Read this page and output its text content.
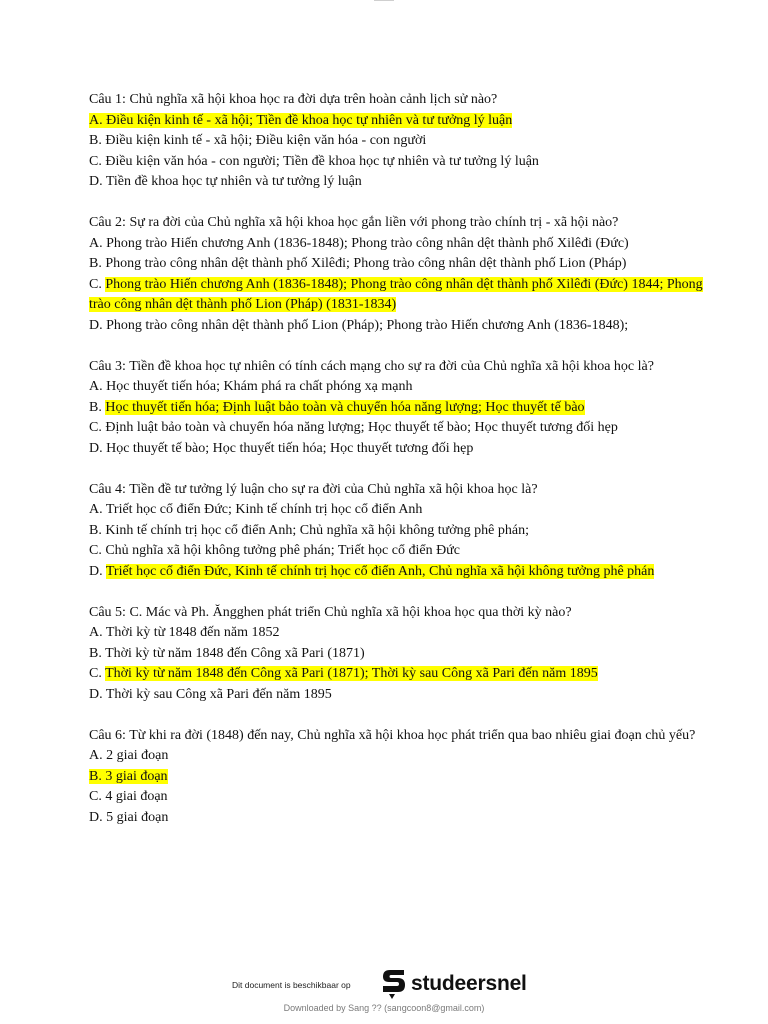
Câu 1: Chủ nghĩa xã hội khoa học ra đời dựa trên hoàn cảnh lịch sử nào?
A. Điều kiện kinh tế - xã hội; Tiền đề khoa học tự nhiên và tư tưởng lý luận
B. Điều kiện kinh tế - xã hội; Điều kiện văn hóa - con người
C. Điều kiện văn hóa - con người; Tiền đề khoa học tự nhiên và tư tưởng lý luận
D. Tiền đề khoa học tự nhiên và tư tưởng lý luận
Câu 2: Sự ra đời của Chủ nghĩa xã hội khoa học gắn liền với phong trào chính trị - xã hội nào?
A. Phong trào Hiến chương Anh (1836-1848); Phong trào công nhân dệt thành phố Xilêđi (Đức)
B. Phong trào công nhân dệt thành phố Xilêđi; Phong trào công nhân dệt thành phố Lion (Pháp)
C. Phong trào Hiến chương Anh (1836-1848); Phong trào công nhân dệt thành phố Xilêđi (Đức) 1844; Phong trào công nhân dệt thành phố Lion (Pháp) (1831-1834)
D. Phong trào công nhân dệt thành phố Lion (Pháp); Phong trào Hiến chương Anh (1836-1848);
Câu 3: Tiền đề khoa học tự nhiên có tính cách mạng cho sự ra đời của Chủ nghĩa xã hội khoa học là?
A. Học thuyết tiến hóa; Khám phá ra chất phóng xạ mạnh
B. Học thuyết tiến hóa; Định luật bảo toàn và chuyển hóa năng lượng; Học thuyết tế bào
C. Định luật bảo toàn và chuyển hóa năng lượng; Học thuyết tế bào; Học thuyết tương đối hẹp
D. Học thuyết tế bào; Học thuyết tiến hóa; Học thuyết tương đối hẹp
Câu 4: Tiền đề tư tưởng lý luận cho sự ra đời của Chủ nghĩa xã hội khoa học là?
A. Triết học cổ điển Đức; Kinh tế chính trị học cổ điển Anh
B. Kinh tế chính trị học cổ điển Anh; Chủ nghĩa xã hội không tưởng phê phán;
C. Chủ nghĩa xã hội không tưởng phê phán; Triết học cổ điển Đức
D. Triết học cổ điển Đức, Kinh tế chính trị học cổ điển Anh, Chủ nghĩa xã hội không tưởng phê phán
Câu 5: C. Mác và Ph. Ăngghen phát triển Chủ nghĩa xã hội khoa học qua thời kỳ nào?
A. Thời kỳ từ 1848 đến năm 1852
B. Thời kỳ từ năm 1848 đến Công xã Pari (1871)
C. Thời kỳ từ năm 1848 đến Công xã Pari (1871); Thời kỳ sau Công xã Pari đến năm 1895
D. Thời kỳ sau Công xã Pari đến năm 1895
Câu 6: Từ khi ra đời (1848) đến nay, Chủ nghĩa xã hội khoa học phát triển qua bao nhiêu giai đoạn chủ yếu?
A. 2 giai đoạn
B. 3 giai đoạn
C. 4 giai đoạn
D. 5 giai đoạn
Dit document is beschikbaar op	studeersnel
Downloaded by Sang ?? (sangcoon8@gmail.com)
